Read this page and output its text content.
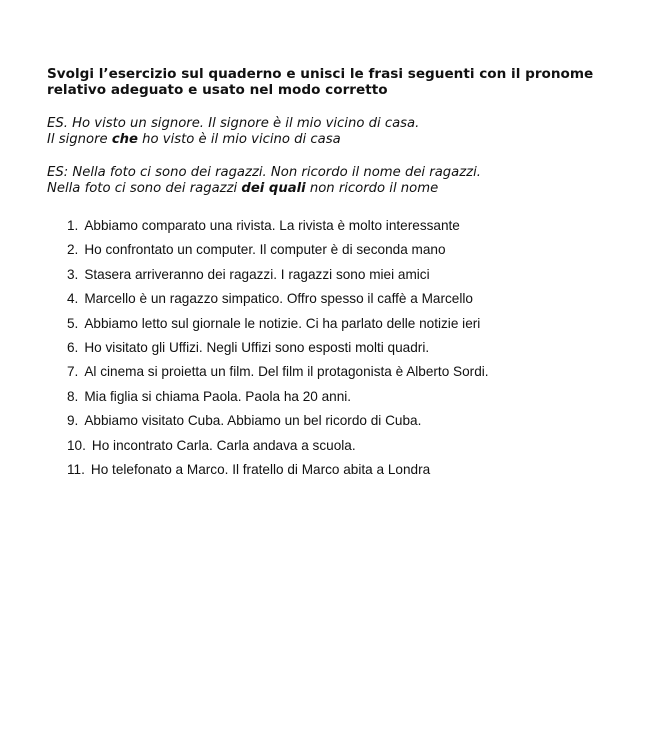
Svolgi l’esercizio sul quaderno e unisci le frasi seguenti con il pronome relativo adeguato e usato nel modo corretto

ES. Ho visto un signore. Il signore è il mio vicino di casa.
Il signore che ho visto è il mio vicino di casa
ES: Nella foto ci sono dei ragazzi. Non ricordo il nome dei ragazzi.
Nella foto ci sono dei ragazzi dei quali non ricordo il nome
1. Abbiamo comparato una rivista. La rivista è molto interessante
2. Ho confrontato un computer. Il computer è di seconda mano
3. Stasera arriveranno dei ragazzi. I ragazzi sono miei amici
4. Marcello è un ragazzo simpatico. Offro spesso il caffè a Marcello
5. Abbiamo letto sul giornale le notizie. Ci ha parlato delle notizie ieri
6. Ho visitato gli Uffizi. Negli Uffizi sono esposti molti quadri.
7. Al cinema si proietta un film. Del film il protagonista è Alberto Sordi.
8. Mia figlia si chiama Paola. Paola ha 20 anni.
9. Abbiamo visitato Cuba. Abbiamo un bel ricordo di Cuba.
10. Ho incontrato Carla. Carla andava a scuola.
11. Ho telefonato a Marco. Il fratello di Marco abita a Londra
